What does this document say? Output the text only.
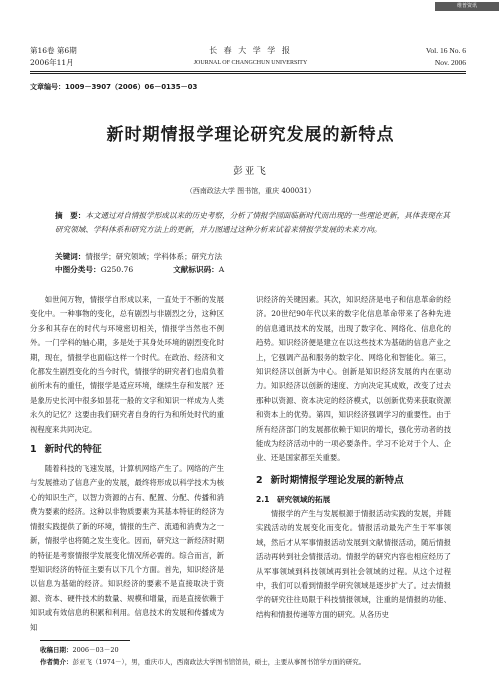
维普资讯 http://www.cqvip.com
第16卷 第6期
2006年11月
长 春 大 学 学 报
JOURNAL OF CHANGCHUN UNIVERSITY
Vol. 16 No. 6
Nov. 2006
文章编号：1009－3907（2006）06－0135－03
新时期情报学理论研究发展的新特点
彭亚飞
（西南政法大学 图书馆，重庆 400031）
摘　要：本文通过对自情报学形成以来的历史考察，分析了情报学园面临新时代而出现的一些理论更新，具体表现在其研究领域、学科体系和研究方法上的更新，并力图通过这种分析来试着来情报学发展的未来方向。
关键词：情报学；研究领域；学科体系；研究方法
中图分类号：G250.76	文献标识码：A

如世间万物，情报学自形成以来，一直处于不断的发展变化中。一种事物的变化，总有剧烈与非剧烈之分，这种区分多和其存在的时代与环境密切相关，情报学当然也不例外。一门学科的轴心期，多是处于其身处环境的剧烈变化时期，现在，情报学也面临这样一个时代。在政治、经济和文化都发生剧烈变化的当今时代，情报学的研究者们也肩负着前所未有的重任，情报学是适应环境，继续生存和发展？还是象历史长河中很多如昙花一般的文字和知识一样成为人类永久的记忆？这要由我们研究者自身的行为和所处时代的重视程度来共同决定。

1 新时代的特征

随着科技的飞速发展，计算机网络产生了。网络的产生与发展推动了信息产业的发展，最终将形成以科学技术为核心的知识生产，以智力资源的占有、配置、分配、传播和消费为要素的经济。这种以非物质要素为其基本特征的经济为情报实践提供了新的环境，情报的生产、流通和消费为之一新，情报学也将随之发生变化。因而，研究这一新经济时期的特征是考察情报学发展变化情况所必需的。综合而言，新型知识经济的特征主要有以下几个方面。首先，知识经济是以信息为基础的经济。知识经济的要素不是直接取决于资源、资本、硬件技术的数量、规模和增量，而是直接依赖于知识或有效信息的积累和利用。信息技术的发展和传播成为知

识经济的关键因素。其次，知识经济是电子和信息革命的经济。20世纪90年代以来的数字化信息革命带来了各种先进的信息通讯技术的发展，出现了数字化、网络化、信息化的趋势。知识经济便是建立在以这些技术为基础的信息产业之上，它强调产品和服务的数字化、网络化和智能化。第三，知识经济以创新为中心。创新是知识经济发展的内在驱动力。知识经济以创新的速度、方向决定其成败，改变了过去那种以资源、资本决定的经济模式，以创新优势来获取资源和资本上的优势。第四，知识经济强调学习的重要性。由于所有经济部门的发展都依赖于知识的增长，强化劳动者的技能成为经济活动中的一项必要条件。学习不论对于个人、企业、还是国家都至关重要。

2 新时期情报学理论发展的新特点
2.1　研究领域的拓展

情报学的产生与发展根源于情报活动实践的发展，并随实践活动的发展变化而变化。情报活动最先产生于军事领域，然后才从军事情报活动发展到文献情报活动，随后情报活动再转到社会情报活动。情报学的研究内容也相应经历了从军事领域到科技领域再到社会领域的过程。从这个过程中，我们可以看到情报学研究领域是逐步扩大了。过去情报学的研究往往局限于科技情报领域，注重的是情报的功能、结构和情报传递等方面的研究。从各历史

收稿日期：2006－03－20
作者简介：彭亚飞（1974－），男，重庆市人，西南政法大学图书馆馆员，硕士，主要从事图书馆学方面的研究。
